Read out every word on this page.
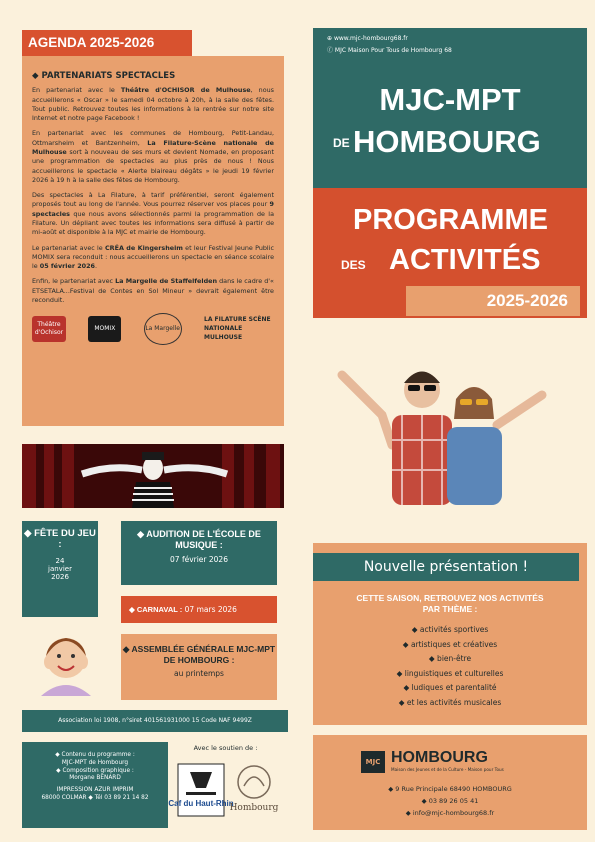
AGENDA 2025-2026
◆ PARTENARIATS SPECTACLES

En partenariat avec le Théâtre d'OCHISOR de Mulhouse, nous accueillerons « Oscar » le samedi 04 octobre à 20h, à la salle des fêtes. Tout public. Retrouvez toutes les informations à la rentrée sur notre site Internet et notre page Facebook !

En partenariat avec les communes de Hombourg, Petit-Landau, Ottmarsheim et Bantzenheim, La Filature-Scène nationale de Mulhouse sort à nouveau de ses murs et devient Nomade, en proposant une programmation de spectacles au plus près de nous ! Nous accueillerons le spectacle « Alerte blaireau dégâts » le jeudi 19 février 2026 à 19 h à la salle des fêtes de Hombourg.

Des spectacles à La Filature, à tarif préférentiel, seront également proposés tout au long de l'année. Vous pourrez réserver vos places pour 9 spectacles que nous avons sélectionnés parmi la programmation de la Filature. Un dépliant avec toutes les informations sera diffusé à partir de mi-août et disponible à la MJC et mairie de Hombourg.

Le partenariat avec le CRÉA de Kingersheim et leur Festival Jeune Public MOMIX sera reconduit : nous accueillerons un spectacle en séance scolaire le 05 février 2026.

Enfin, le partenariat avec La Margelle de Staffelfelden dans le cadre d'« ETSETALA...Festival de Contes en Sol Mineur » devrait également être reconduit.

Théâtre d'Ochisor
MOMIX	La Margelle
LA FILATURE SCÈNE NATIONALE MULHOUSE
⊕ www.mjc-hombourg68.fr
ⓕ MJC Maison Pour Tous de Hombourg 68
MJC-MPT
DE HOMBOURG
PROGRAMME
DES ACTIVITÉS
2025-2026
◆ FÊTE DU JEU :
24
janvier
2026
◆ AUDITION DE L'ÉCOLE DE MUSIQUE :
07 février 2026
◆ CARNAVAL : 07 mars 2026
◆ ASSEMBLÉE GÉNÉRALE MJC-MPT DE HOMBOURG :
au printemps
Nouvelle présentation !
CETTE SAISON, RETROUVEZ NOS ACTIVITÉS PAR THÈME :
◆ activités sportives
◆ artistiques et créatives
◆ bien-être
◆ linguistiques et culturelles
◆ ludiques et parentalité
◆ et les activités musicales
Association loi 1908, n°siret 401561931000 15 Code NAF 9499Z
◆ Contenu du programme :
MJC-MPT de Hombourg
◆ Composition graphique :
Morgane BENARD
IMPRESSION AZUR IMPRIM
68000 COLMAR ◆ Tél 03 89 21 14 82
Avec le soutien de :
Caf du Haut-Rhin
Hombourg
MJC HOMBOURG
Maison des Jeunes et de la Culture - Maison pour Tous
◆ 9 Rue Principale 68490 HOMBOURG
◆ 03 89 26 05 41
◆ info@mjc-hombourg68.fr
